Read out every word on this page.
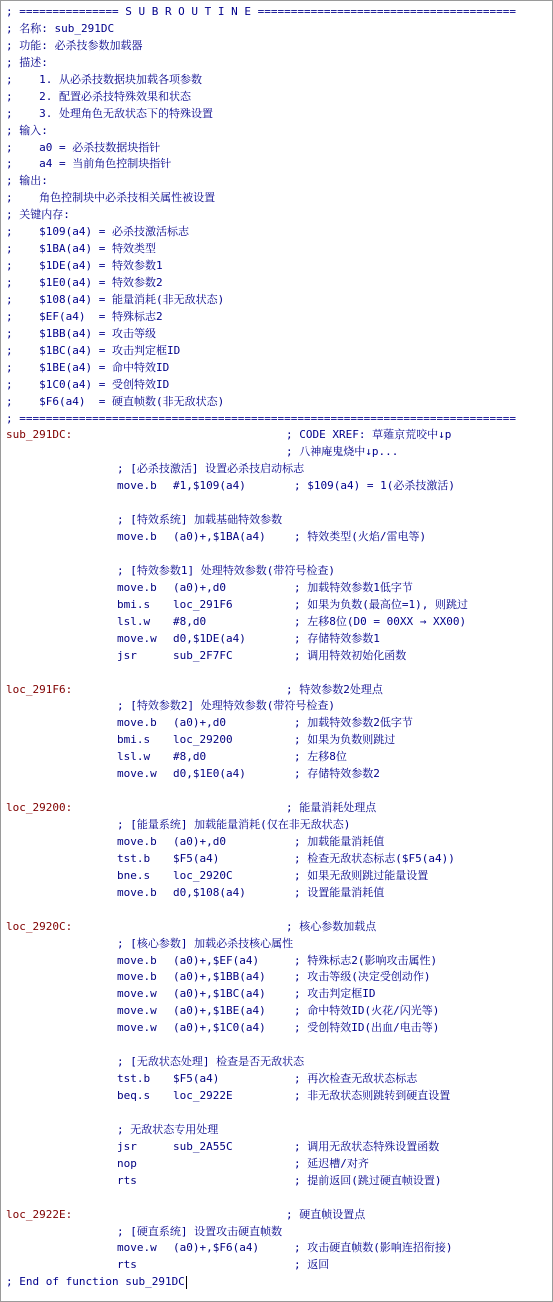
; =============== S U B R O U T I N E =======================================
; 名称: sub_291DC
; 功能: 必杀技参数加载器
; 描述:
;    1. 从必杀技数据块加载各项参数
;    2. 配置必杀技特殊效果和状态
;    3. 处理角色无敌状态下的特殊设置
; 输入:
;    a0 = 必杀技数据块指针
;    a4 = 当前角色控制块指针
; 输出:
;    角色控制块中必杀技相关属性被设置
; 关键内存:
;    $109(a4) = 必杀技激活标志
;    $1BA(a4) = 特效类型
;    $1DE(a4) = 特效参数1
;    $1E0(a4) = 特效参数2
;    $108(a4) = 能量消耗(非无敌状态)
;    $EF(a4)  = 特殊标志2
;    $1BB(a4) = 攻击等级
;    $1BC(a4) = 攻击判定框ID
;    $1BE(a4) = 命中特效ID
;    $1C0(a4) = 受创特效ID
;    $F6(a4)  = 硬直帧数(非无敌状态)
; ===========================================================================
sub_291DC:	; CODE XREF: 草薙京荒咬中↓p
; 八神庵鬼烧中↓p...
; [必杀技激活] 设置必杀技启动标志
move.b	#1,$109(a4)	; $109(a4) = 1(必杀技激活)
; [特效系统] 加载基础特效参数
move.b	(a0)+,$1BA(a4)	; 特效类型(火焰/雷电等)
; [特效参数1] 处理特效参数(带符号检查)
move.b	(a0)+,d0	; 加载特效参数1低字节
bmi.s	loc_291F6	; 如果为负数(最高位=1), 则跳过
lsl.w	#8,d0	; 左移8位(D0 = 00XX → XX00)
move.w	d0,$1DE(a4)	; 存储特效参数1
jsr	sub_2F7FC	; 调用特效初始化函数
loc_291F6:	; 特效参数2处理点
; [特效参数2] 处理特效参数(带符号检查)
move.b	(a0)+,d0	; 加载特效参数2低字节
bmi.s	loc_29200	; 如果为负数则跳过
lsl.w	#8,d0	; 左移8位
move.w	d0,$1E0(a4)	; 存储特效参数2
loc_29200:	; 能量消耗处理点
; [能量系统] 加载能量消耗(仅在非无敌状态)
move.b	(a0)+,d0	; 加载能量消耗值
tst.b	$F5(a4)	; 检查无敌状态标志($F5(a4))
bne.s	loc_2920C	; 如果无敌则跳过能量设置
move.b	d0,$108(a4)	; 设置能量消耗值
loc_2920C:	; 核心参数加载点
; [核心参数] 加载必杀技核心属性
move.b	(a0)+,$EF(a4)	; 特殊标志2(影响攻击属性)
move.b	(a0)+,$1BB(a4)	; 攻击等级(决定受创动作)
move.w	(a0)+,$1BC(a4)	; 攻击判定框ID
move.w	(a0)+,$1BE(a4)	; 命中特效ID(火花/闪光等)
move.w	(a0)+,$1C0(a4)	; 受创特效ID(出血/电击等)
; [无敌状态处理] 检查是否无敌状态
tst.b	$F5(a4)	; 再次检查无敌状态标志
beq.s	loc_2922E	; 非无敌状态则跳转到硬直设置
; 无敌状态专用处理
jsr	sub_2A55C	; 调用无敌状态特殊设置函数
nop	; 延迟槽/对齐
rts	; 提前返回(跳过硬直帧设置)
loc_2922E:	; 硬直帧设置点
; [硬直系统] 设置攻击硬直帧数
move.w	(a0)+,$F6(a4)	; 攻击硬直帧数(影响连招衔接)
rts	; 返回
; End of function sub_291DC
